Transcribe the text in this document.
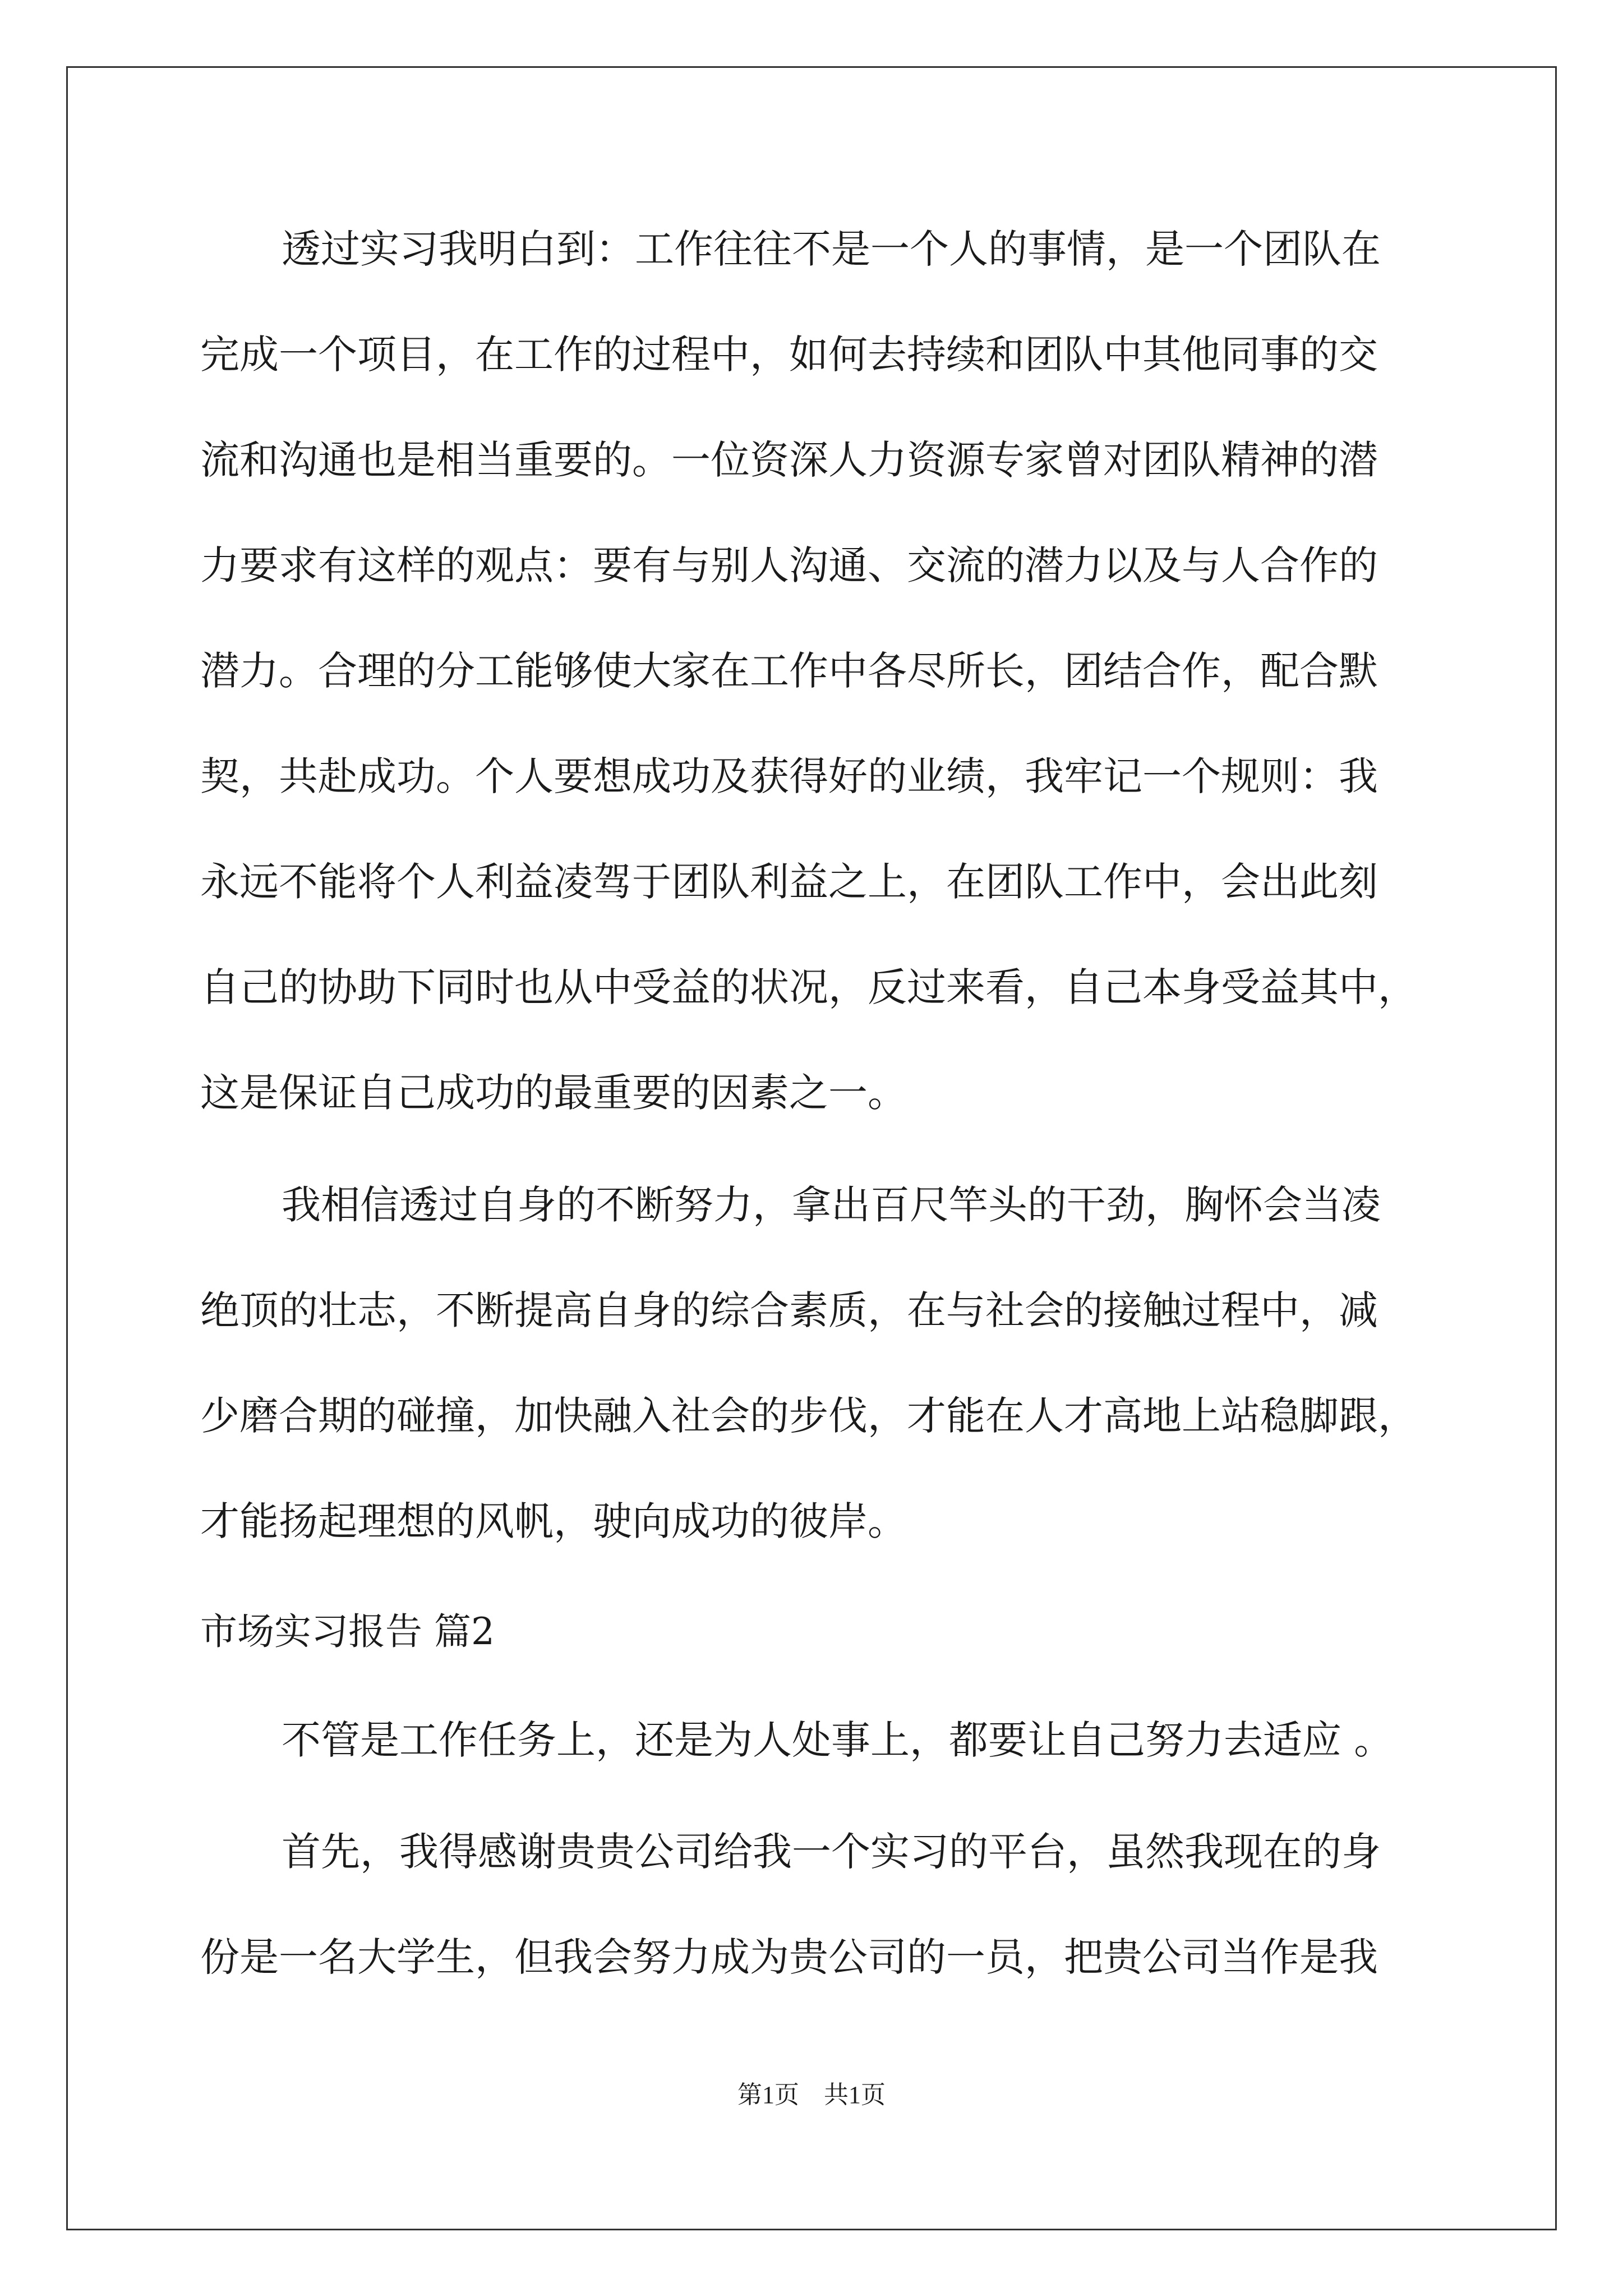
透过实习我明白到：工作往往不是一个人的事情，是一个团队在

完成一个项目，在工作的过程中，如何去持续和团队中其他同事的交

流和沟通也是相当重要的。一位资深人力资源专家曾对团队精神的潜

力要求有这样的观点：要有与别人沟通、交流的潜力以及与人合作的

潜力。合理的分工能够使大家在工作中各尽所长，团结合作，配合默

契，共赴成功。个人要想成功及获得好的业绩，我牢记一个规则：我

永远不能将个人利益凌驾于团队利益之上，在团队工作中，会出此刻

自己的协助下同时也从中受益的状况，反过来看，自己本身受益其中，

这是保证自己成功的最重要的因素之一。

我相信透过自身的不断努力，拿出百尺竿头的干劲，胸怀会当凌

绝顶的壮志，不断提高自身的综合素质，在与社会的接触过程中，减

少磨合期的碰撞，加快融入社会的步伐，才能在人才高地上站稳脚跟，

才能扬起理想的风帆，驶向成功的彼岸。

市场实习报告 篇2

不管是工作任务上，还是为人处事上，都要让自己努力去适应 。

首先，我得感谢贵贵公司给我一个实习的平台，虽然我现在的身

份是一名大学生，但我会努力成为贵公司的一员，把贵公司当作是我

第1页　共1页
